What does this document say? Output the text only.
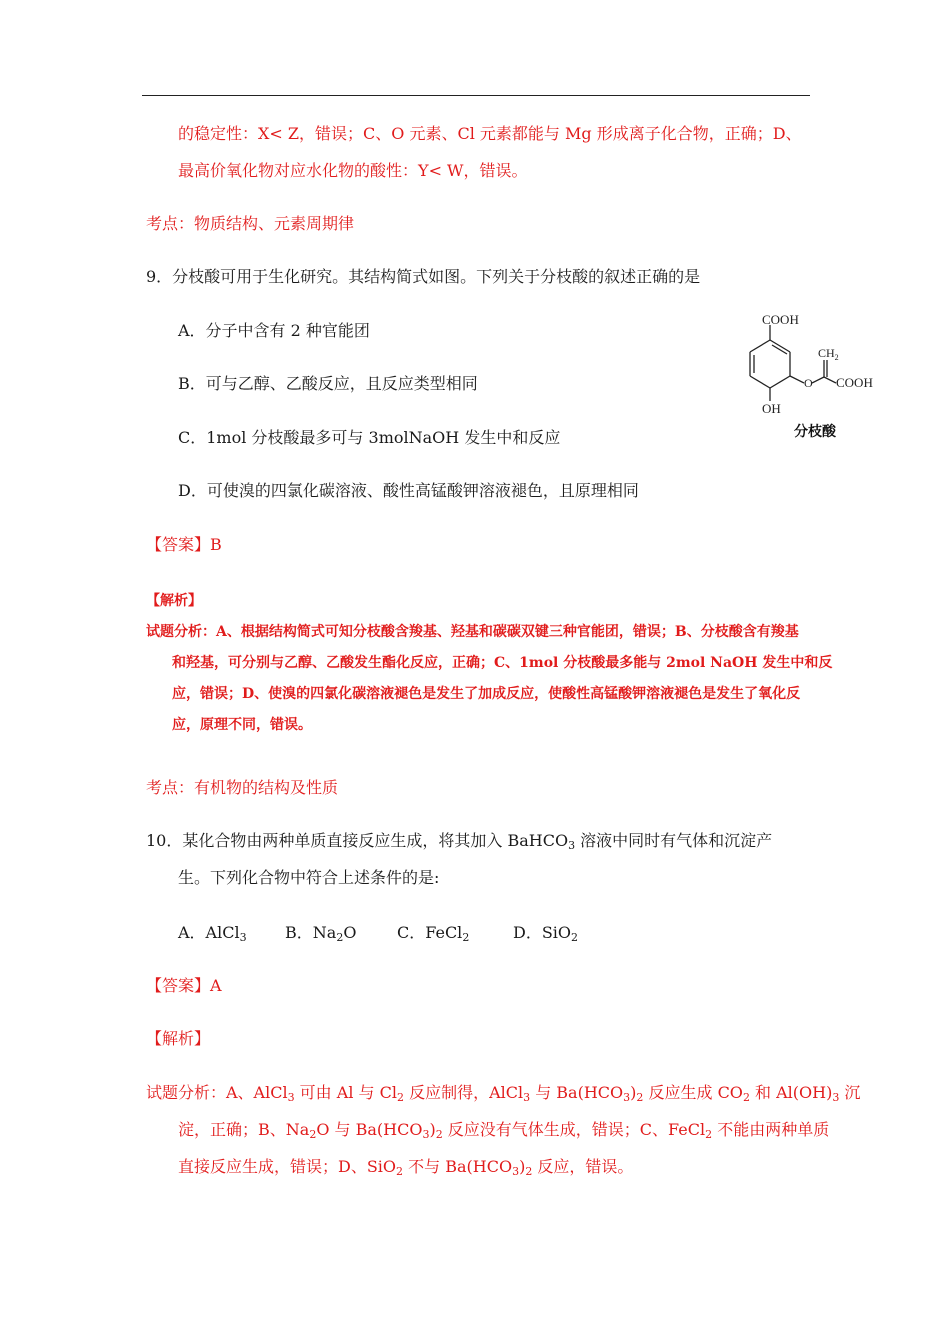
的稳定性：X< Z，错误；C、O 元素、Cl 元素都能与 Mg 形成离子化合物，正确；D、
最高价氧化物对应水化物的酸性：Y< W，错误。
考点：物质结构、元素周期律
9．分枝酸可用于生化研究。其结构简式如图。下列关于分枝酸的叙述正确的是
A．分子中含有 2 种官能团
B．可与乙醇、乙酸反应，且反应类型相同
C．1mol 分枝酸最多可与 3molNaOH 发生中和反应
D．可使溴的四氯化碳溶液、酸性高锰酸钾溶液褪色，且原理相同
COOH
$CH_2$
O COOH
OH
分枝酸
【答案】B
【解析】
试题分析：A、根据结构简式可知分枝酸含羧基、羟基和碳碳双键三种官能团，错误；B、分枝酸含有羧基
和羟基，可分别与乙醇、乙酸发生酯化反应，正确；C、1mol 分枝酸最多能与 2mol NaOH 发生中和反
应，错误；D、使溴的四氯化碳溶液褪色是发生了加成反应，使酸性高锰酸钾溶液褪色是发生了氧化反
应，原理不同，错误。
考点：有机物的结构及性质
10．某化合物由两种单质直接反应生成，将其加入 BaHCO$_3$ 溶液中同时有气体和沉淀产
生。下列化合物中符合上述条件的是:
A．AlCl$_3$ B．$Na_2O$	C．FeCl$_2$	D．SiO$_2$
【答案】A
【解析】
试题分析：A、AlCl$_3$ 可由 Al 与 $Cl_2$ 反应制得，AlCl$_3$ 与 $Ba(HCO_3)_2$ 反应生成 $CO_2$ 和 $Al(OH)_3$ 沉
淀，正确；B、$Na_2O$ 与 $Ba(HCO_3)_2$ 反应没有气体生成，错误；C、FeCl$_2$ 不能由两种单质
直接反应生成，错误；D、SiO$_2$ 不与 $Ba(HCO_3)_2$ 反应，错误。
